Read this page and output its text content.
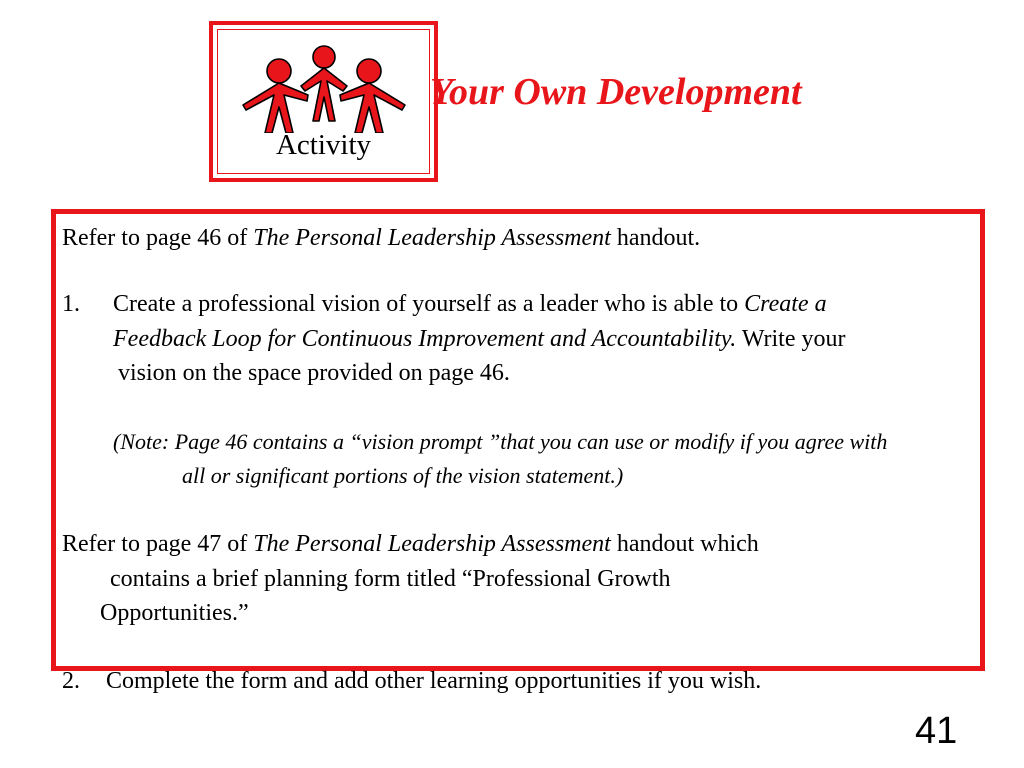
Activity
Your Own Development
Refer to page 46 of The Personal Leadership Assessment handout.
1. Create a professional vision of yourself as a leader who is able to Create a
Feedback Loop for Continuous Improvement and Accountability. Write your
vision on the space provided on page 46.
(Note: Page 46 contains a “vision prompt ”that you can use or modify if you agree with
all or significant portions of the vision statement.)
Refer to page 47 of The Personal Leadership Assessment handout which
contains a brief planning form titled “Professional Growth
Opportunities.”
2. Complete the form and add other learning opportunities if you wish.
41
